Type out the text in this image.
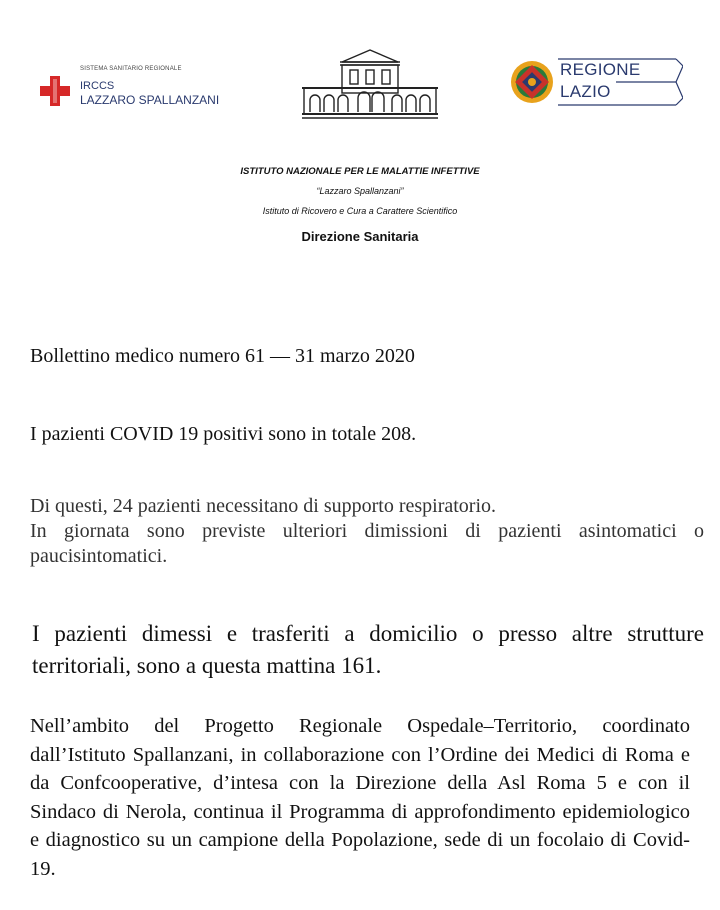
SISTEMA SANITARIO REGIONALE
IRCCS
LAZZARO SPALLANZANI
REGIONE
LAZIO
ISTITUTO NAZIONALE PER LE MALATTIE INFETTIVE
“Lazzaro Spallanzani”
Istituto di Ricovero e Cura a Carattere Scientifico
Direzione Sanitaria
Bollettino medico numero 61 — 31 marzo 2020
I pazienti COVID 19 positivi sono in totale 208.
Di questi, 24 pazienti necessitano di supporto respiratorio.
In giornata sono previste ulteriori dimissioni di pazienti asintomatici o paucisintomatici.
I pazienti dimessi e trasferiti a domicilio o presso altre strutture territoriali, sono a questa mattina 161.
Nell’ambito del Progetto Regionale Ospedale–Territorio, coordinato dall’Istituto Spallanzani, in collaborazione con l’Ordine dei Medici di Roma e da Confcooperative, d’intesa con la Direzione della Asl Roma 5 e con il Sindaco di Nerola, continua il Programma di approfondimento epidemiologico e diagnostico su un campione della Popolazione, sede di un focolaio di Covid-19.
